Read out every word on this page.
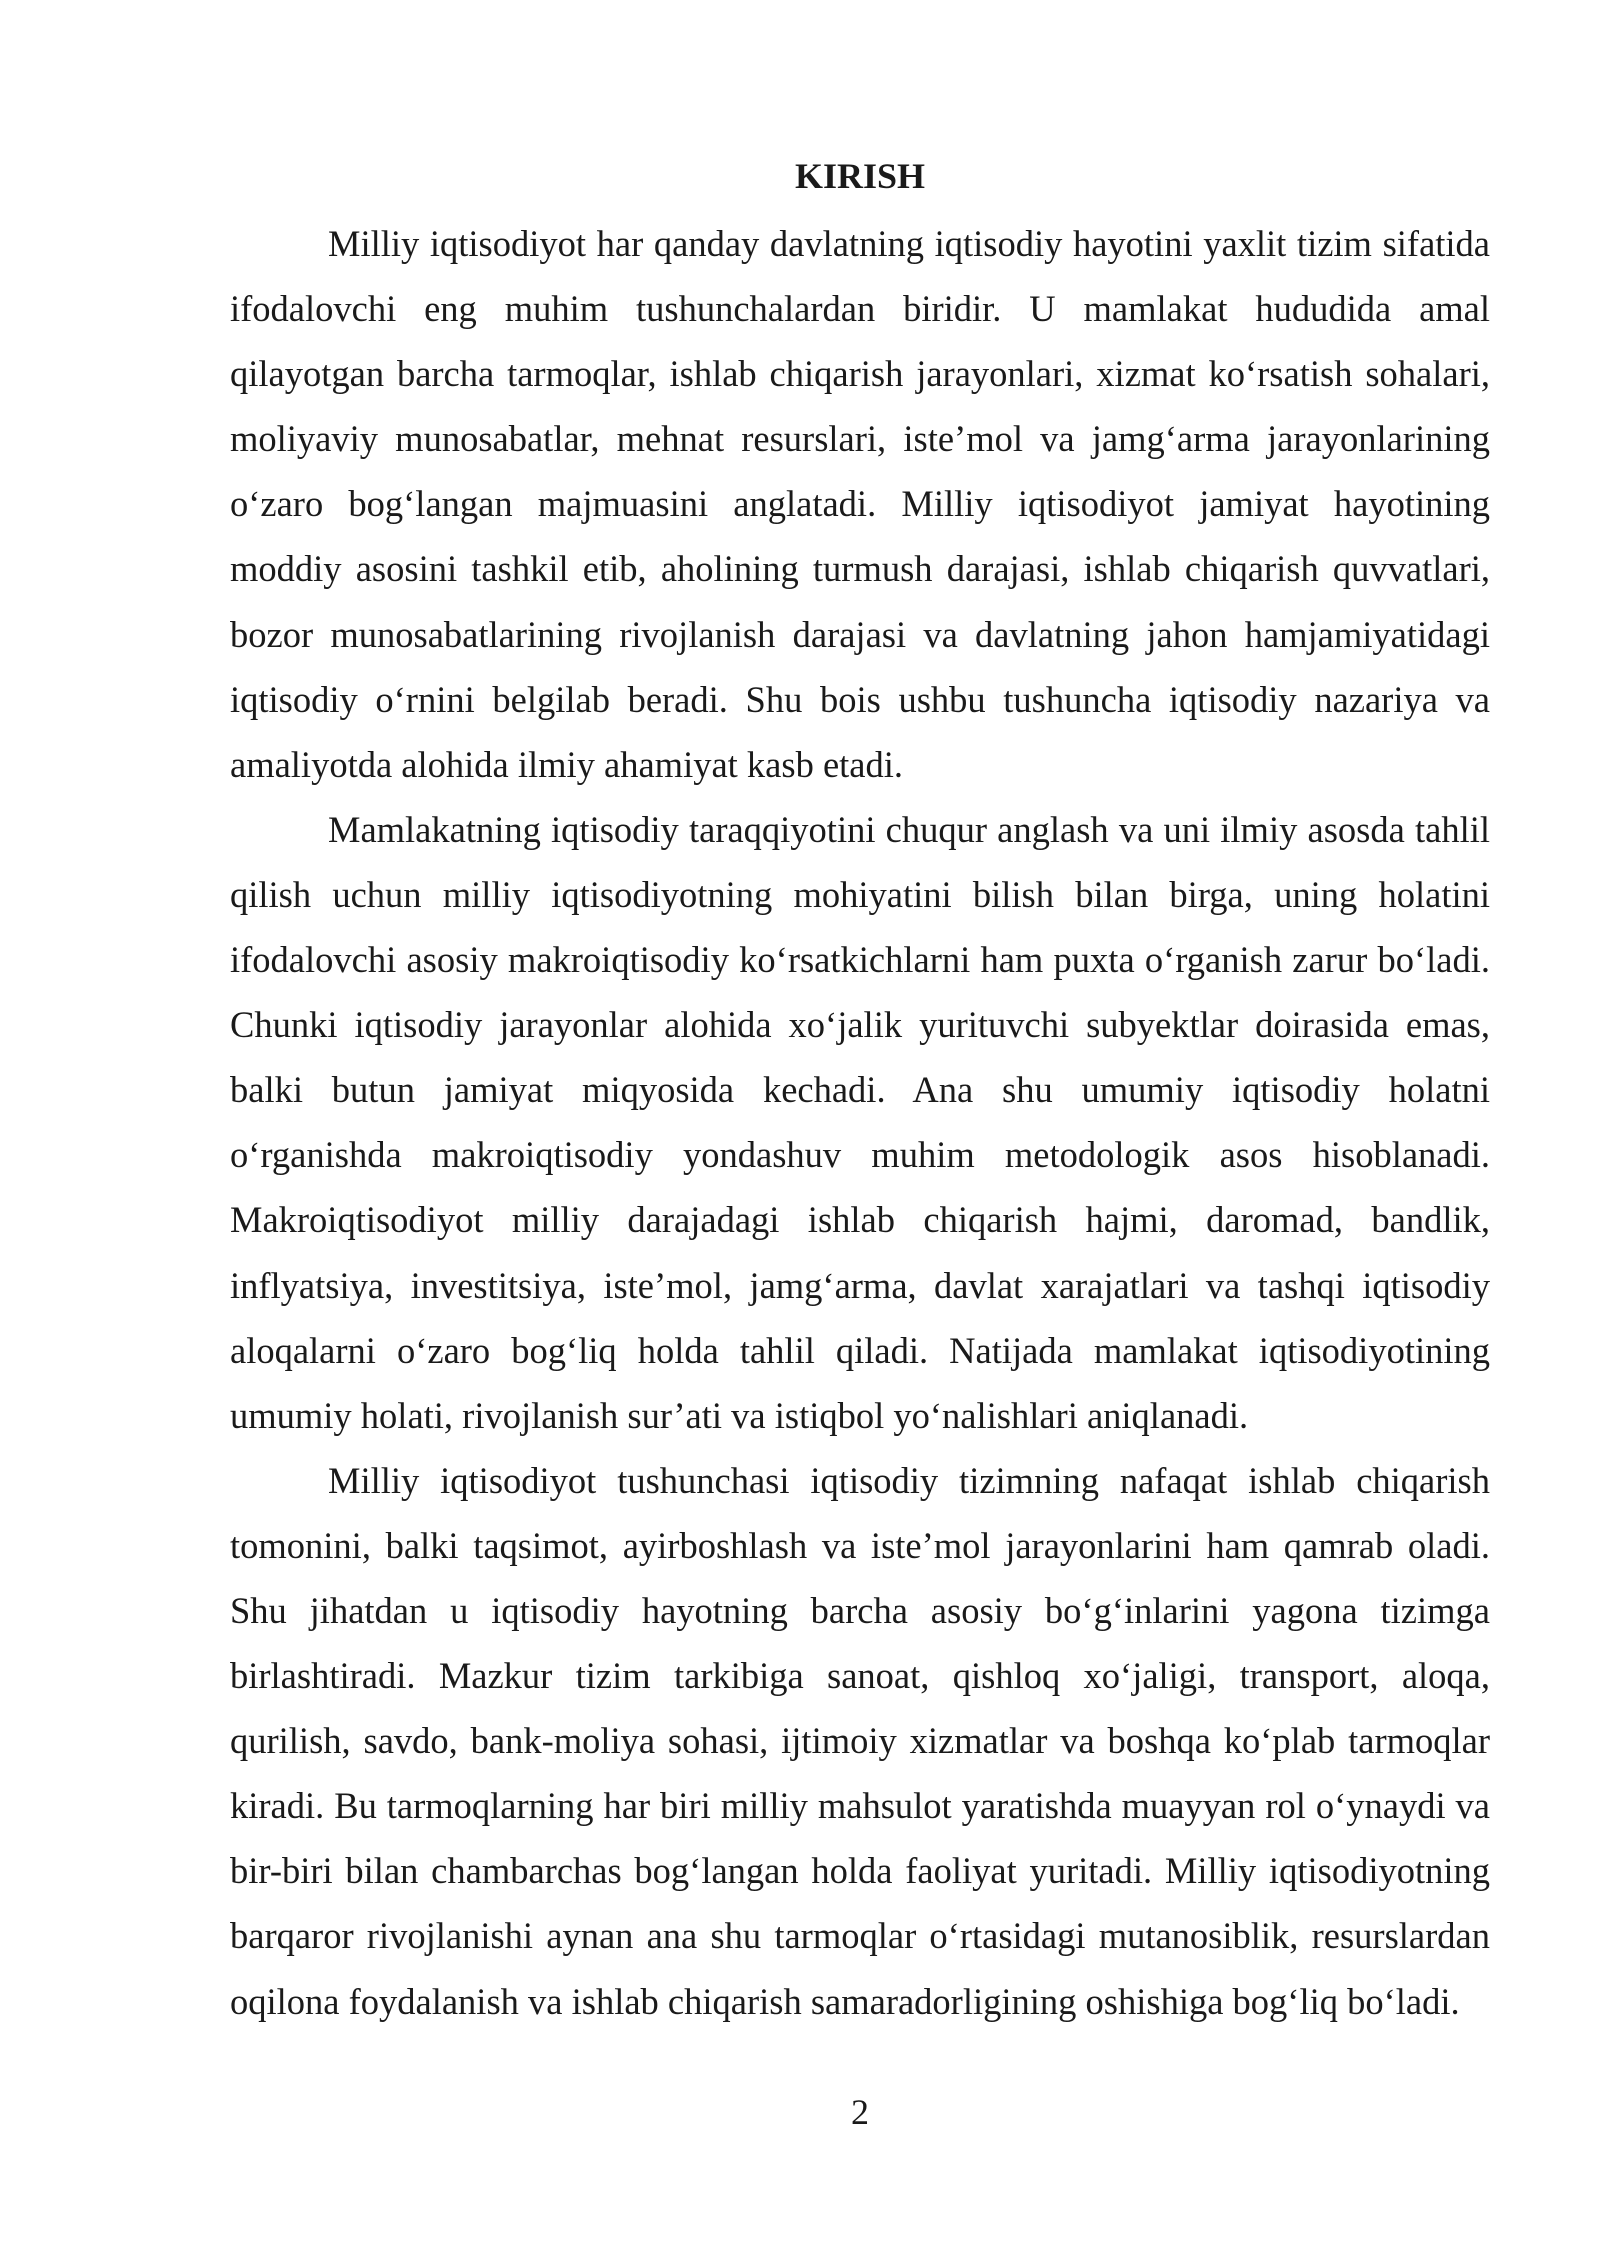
KIRISH

Milliy iqtisodiyot har qanday davlatning iqtisodiy hayotini yaxlit tizim sifatida ifodalovchi eng muhim tushunchalardan biridir. U mamlakat hududida amal qilayotgan barcha tarmoqlar, ishlab chiqarish jarayonlari, xizmat ko‘rsatish sohalari, moliyaviy munosabatlar, mehnat resurslari, iste’mol va jamg‘arma jarayonlarining o‘zaro bog‘langan majmuasini anglatadi. Milliy iqtisodiyot jamiyat hayotining moddiy asosini tashkil etib, aholining turmush darajasi, ishlab chiqarish quvvatlari, bozor munosabatlarining rivojlanish darajasi va davlatning jahon hamjamiyatidagi iqtisodiy o‘rnini belgilab beradi. Shu bois ushbu tushuncha iqtisodiy nazariya va amaliyotda alohida ilmiy ahamiyat kasb etadi.

Mamlakatning iqtisodiy taraqqiyotini chuqur anglash va uni ilmiy asosda tahlil qilish uchun milliy iqtisodiyotning mohiyatini bilish bilan birga, uning holatini ifodalovchi asosiy makroiqtisodiy ko‘rsatkichlarni ham puxta o‘rganish zarur bo‘ladi. Chunki iqtisodiy jarayonlar alohida xo‘jalik yurituvchi subyektlar doirasida emas, balki butun jamiyat miqyosida kechadi. Ana shu umumiy iqtisodiy holatni o‘rganishda makroiqtisodiy yondashuv muhim metodologik asos hisoblanadi. Makroiqtisodiyot milliy darajadagi ishlab chiqarish hajmi, daromad, bandlik, inflyatsiya, investitsiya, iste’mol, jamg‘arma, davlat xarajatlari va tashqi iqtisodiy aloqalarni o‘zaro bog‘liq holda tahlil qiladi. Natijada mamlakat iqtisodiyotining umumiy holati, rivojlanish sur’ati va istiqbol yo‘nalishlari aniqlanadi.

Milliy iqtisodiyot tushunchasi iqtisodiy tizimning nafaqat ishlab chiqarish tomonini, balki taqsimot, ayirboshlash va iste’mol jarayonlarini ham qamrab oladi. Shu jihatdan u iqtisodiy hayotning barcha asosiy bo‘g‘inlarini yagona tizimga birlashtiradi. Mazkur tizim tarkibiga sanoat, qishloq xo‘jaligi, transport, aloqa, qurilish, savdo, bank-moliya sohasi, ijtimoiy xizmatlar va boshqa ko‘plab tarmoqlar kiradi. Bu tarmoqlarning har biri milliy mahsulot yaratishda muayyan rol o‘ynaydi va bir-biri bilan chambarchas bog‘langan holda faoliyat yuritadi. Milliy iqtisodiyotning barqaror rivojlanishi aynan ana shu tarmoqlar o‘rtasidagi mutanosiblik, resurslardan oqilona foydalanish va ishlab chiqarish samaradorligining oshishiga bog‘liq bo‘ladi.

2
